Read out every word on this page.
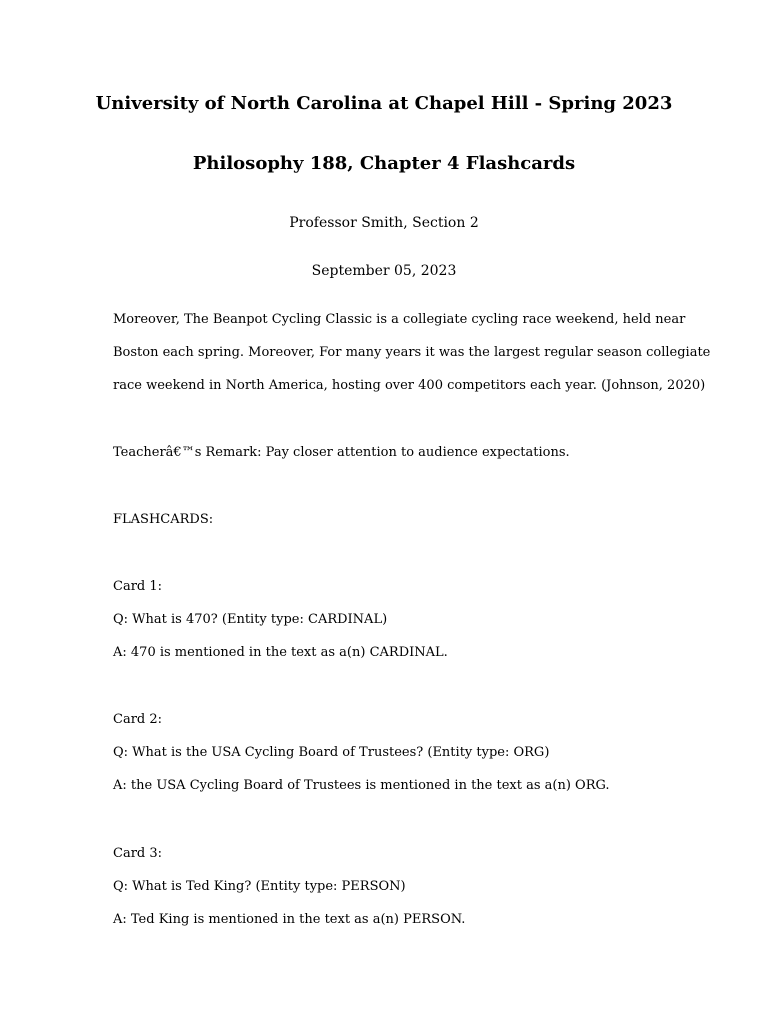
University of North Carolina at Chapel Hill - Spring 2023
Philosophy 188, Chapter 4 Flashcards
Professor Smith, Section 2
September 05, 2023
Moreover, The Beanpot Cycling Classic is a collegiate cycling race weekend, held near
Boston each spring. Moreover, For many years it was the largest regular season collegiate
race weekend in North America, hosting over 400 competitors each year. (Johnson, 2020)
Teacherâ€™s Remark: Pay closer attention to audience expectations.
FLASHCARDS:
Card 1:
Q: What is 470? (Entity type: CARDINAL)
A: 470 is mentioned in the text as a(n) CARDINAL.
Card 2:
Q: What is the USA Cycling Board of Trustees? (Entity type: ORG)
A: the USA Cycling Board of Trustees is mentioned in the text as a(n) ORG.
Card 3:
Q: What is Ted King? (Entity type: PERSON)
A: Ted King is mentioned in the text as a(n) PERSON.
